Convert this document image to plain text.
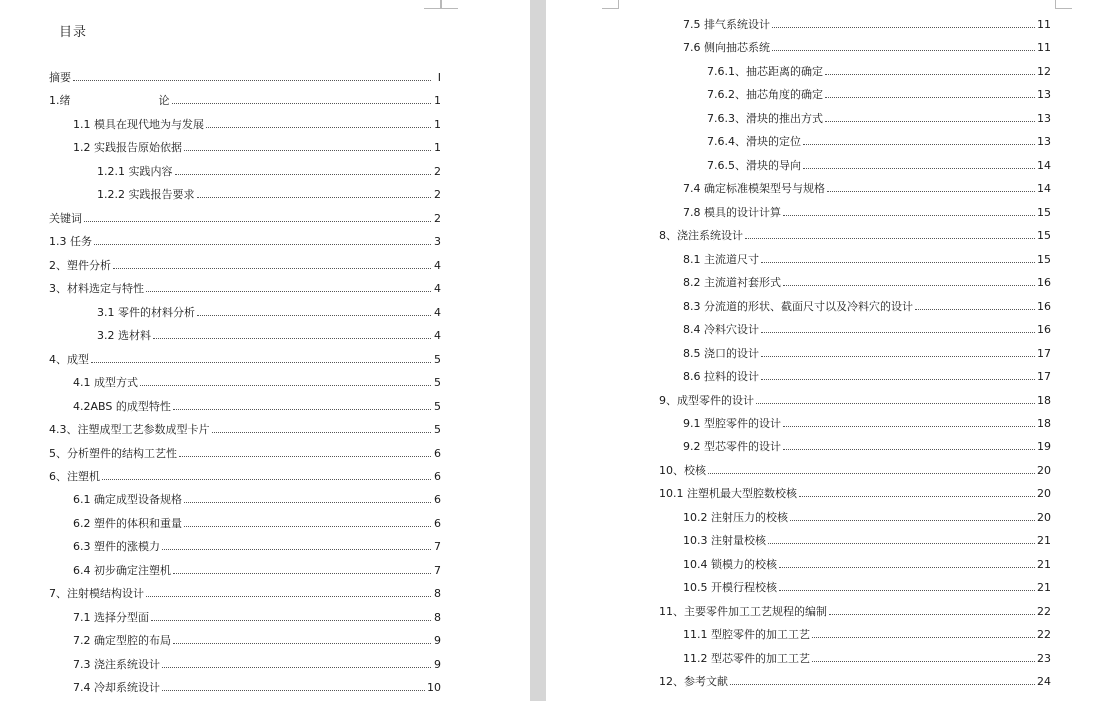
目录
摘要	I
1.绪　　　　　　　　论	1
1.1 模具在现代地为与发展	1
1.2 实践报告原始依据	1
1.2.1 实践内容	2
1.2.2 实践报告要求	2
关键词	2
1.3 任务	3
2、塑件分析	4
3、材料选定与特性	4
3.1 零件的材料分析	4
3.2 选材料	4
4、成型	5
4.1 成型方式	5
4.2ABS 的成型特性	5
4.3、注塑成型工艺参数成型卡片	5
5、分析塑件的结构工艺性	6
6、注塑机	6
6.1 确定成型设备规格	6
6.2 塑件的体积和重量	6
6.3 塑件的涨模力	7
6.4 初步确定注塑机	7
7、注射模结构设计	8
7.1 选择分型面	8
7.2 确定型腔的布局	9
7.3 浇注系统设计	9
7.4 冷却系统设计	10
7.5 排气系统设计	11
7.6 侧向抽芯系统	11
7.6.1、抽芯距离的确定	12
7.6.2、抽芯角度的确定	13
7.6.3、滑块的推出方式	13
7.6.4、滑块的定位	13
7.6.5、滑块的导向	14
7.4 确定标准模架型号与规格	14
7.8 模具的设计计算	15
8、浇注系统设计	15
8.1 主流道尺寸	15
8.2 主流道衬套形式	16
8.3 分流道的形状、截面尺寸以及冷料穴的设计	16
8.4 冷料穴设计	16
8.5 浇口的设计	17
8.6 拉料的设计	17
9、成型零件的设计	18
9.1 型腔零件的设计	18
9.2 型芯零件的设计	19
10、校核	20
10.1 注塑机最大型腔数校核	20
10.2 注射压力的校核	20
10.3 注射量校核	21
10.4 锁模力的校核	21
10.5 开模行程校核	21
11、主要零件加工工艺规程的编制	22
11.1 型腔零件的加工工艺	22
11.2 型芯零件的加工工艺	23
12、参考文献	24
